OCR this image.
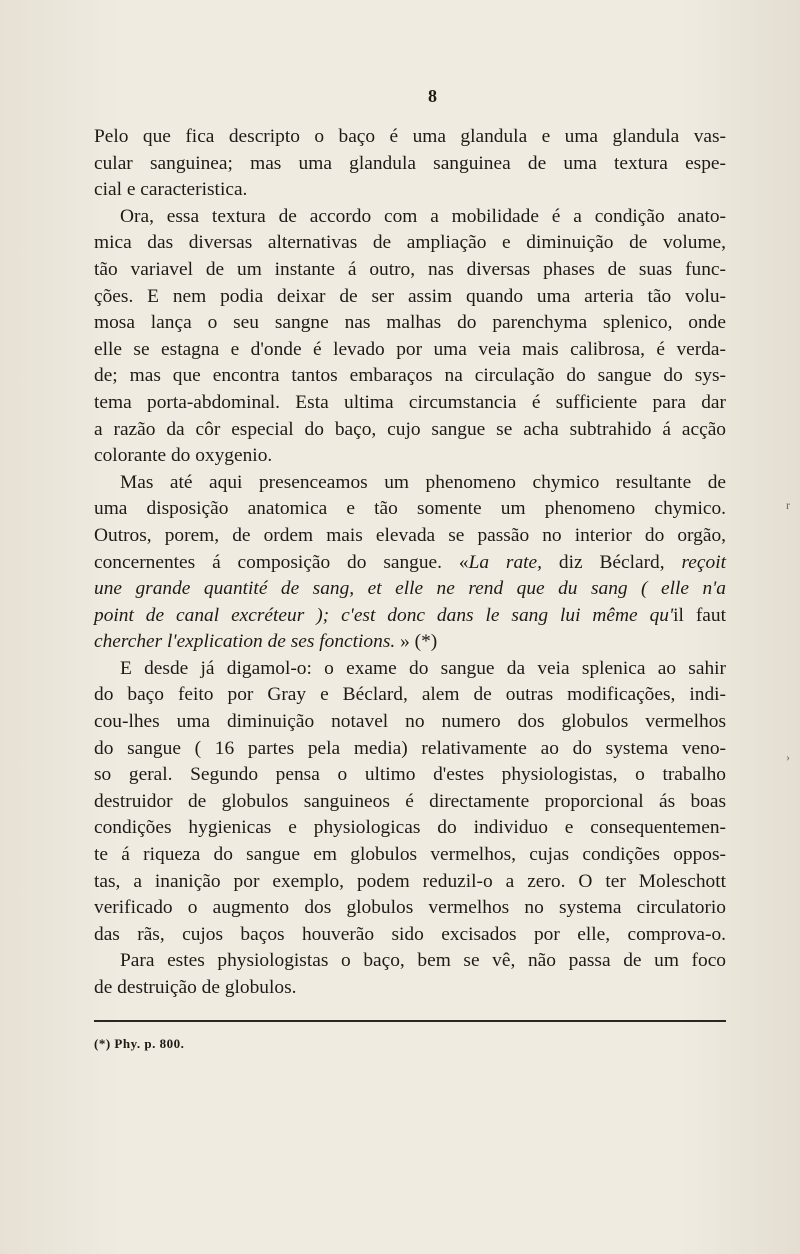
8
Pelo que fica descripto o baço é uma glandula e uma glandula vas-
cular sanguinea; mas uma glandula sanguinea de uma textura espe-
cial e caracteristica.
Ora, essa textura de accordo com a mobilidade é a condição anato-
mica das diversas alternativas de ampliação e diminuição de volume,
tão variavel de um instante á outro, nas diversas phases de suas func-
ções. E nem podia deixar de ser assim quando uma arteria tão volu-
mosa lança o seu sangne nas malhas do parenchyma splenico, onde
elle se estagna e d'onde é levado por uma veia mais calibrosa, é verda-
de; mas que encontra tantos embaraços na circulação do sangue do sys-
tema porta-abdominal. Esta ultima circumstancia é sufficiente para dar
a razão da côr especial do baço, cujo sangue se acha subtrahido á acção
colorante do oxygenio.
Mas até aqui presenceamos um phenomeno chymico resultante de
uma disposição anatomica e tão somente um phenomeno chymico.
Outros, porem, de ordem mais elevada se passão no interior do orgão,
concernentes á composição do sangue. «La rate, diz Béclard, reçoit
une grande quantité de sang, et elle ne rend que du sang ( elle n'a
point de canal excréteur ); c'est donc dans le sang lui même qu'il faut
chercher l'explication de ses fonctions. » (*)
E desde já digamol-o: o exame do sangue da veia splenica ao sahir
do baço feito por Gray e Béclard, alem de outras modificações, indi-
cou-lhes uma diminuição notavel no numero dos globulos vermelhos
do sangue ( 16 partes pela media) relativamente ao do systema veno-
so geral. Segundo pensa o ultimo d'estes physiologistas, o trabalho
destruidor de globulos sanguineos é directamente proporcional ás boas
condições hygienicas e physiologicas do individuo e consequentemen-
te á riqueza do sangue em globulos vermelhos, cujas condições oppos-
tas, a inanição por exemplo, podem reduzil-o a zero. O ter Moleschott
verificado o augmento dos globulos vermelhos no systema circulatorio
das rãs, cujos baços houverão sido excisados por elle, comprova-o.
Para estes physiologistas o baço, bem se vê, não passa de um foco
de destruição de globulos.
r
›
(*) Phy. p. 800.
